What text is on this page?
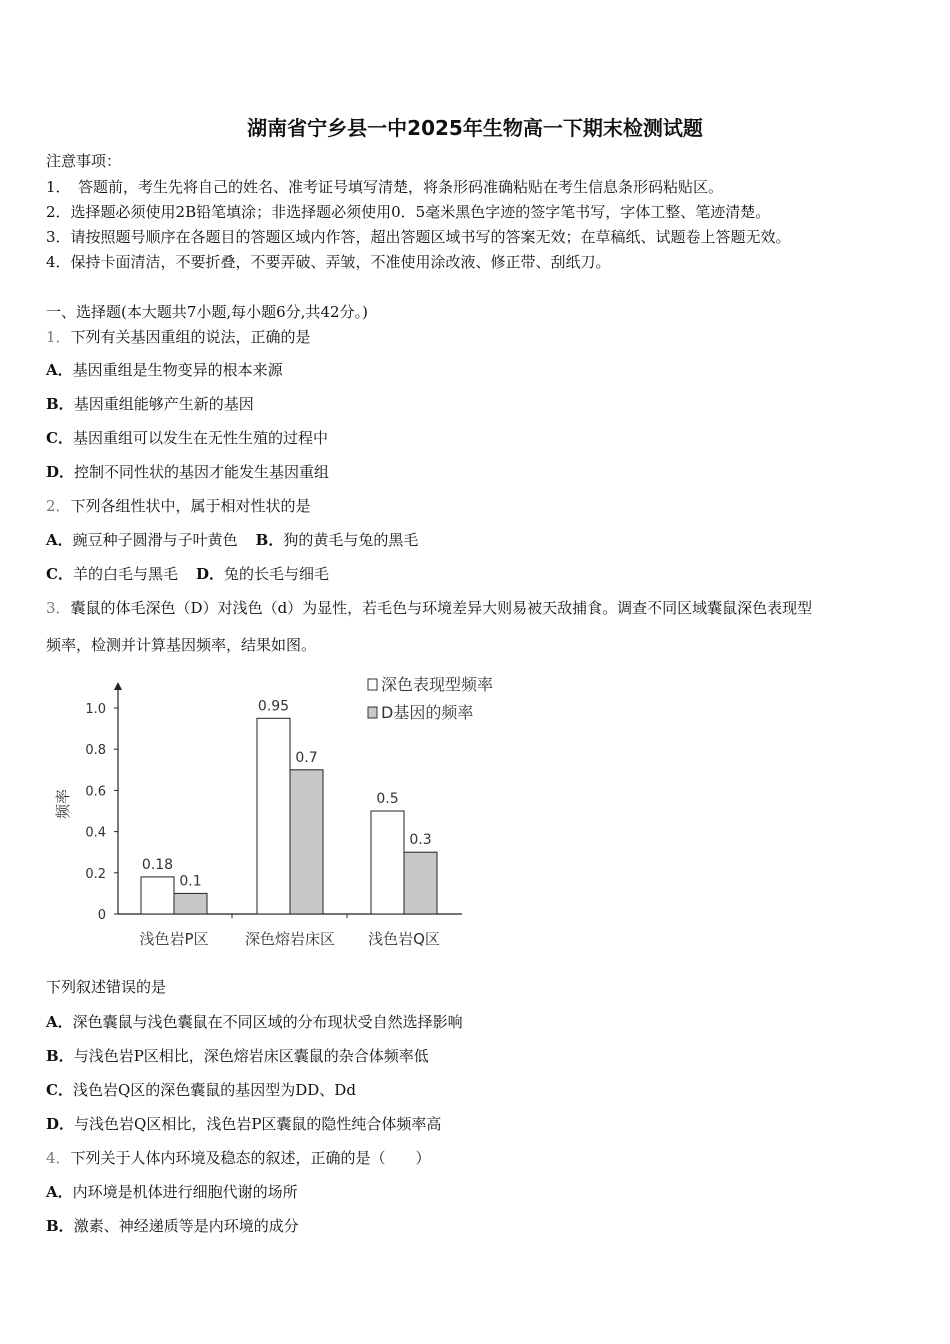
湖南省宁乡县一中2025年生物高一下期末检测试题
注意事项：
1．　答题前，考生先将自己的姓名、准考证号填写清楚，将条形码准确粘贴在考生信息条形码粘贴区。
2．选择题必须使用2B铅笔填涂；非选择题必须使用0．5毫米黑色字迹的签字笔书写，字体工整、笔迹清楚。
3．请按照题号顺序在各题目的答题区域内作答，超出答题区域书写的答案无效；在草稿纸、试题卷上答题无效。
4．保持卡面清洁，不要折叠，不要弄破、弄皱，不准使用涂改液、修正带、刮纸刀。
一、选择题(本大题共7小题,每小题6分,共42分。)
1．下列有关基因重组的说法，正确的是
A．基因重组是生物变异的根本来源
B．基因重组能够产生新的基因
C．基因重组可以发生在无性生殖的过程中
D．控制不同性状的基因才能发生基因重组
2．下列各组性状中，属于相对性状的是
A．豌豆种子圆滑与子叶黄色 B．狗的黄毛与兔的黑毛
C．羊的白毛与黑毛 D．兔的长毛与细毛
3．囊鼠的体毛深色（D）对浅色（d）为显性，若毛色与环境差异大则易被天敌捕食。调查不同区域囊鼠深色表现型
频率，检测并计算基因频率，结果如图。
0
0.2
0.4
0.6
0.8
1.0
0.18
0.1
0.95
0.7
0.5
0.3
浅色岩P区 深色熔岩床区 浅色岩Q区
频率
深色表现型频率
D基因的频率
下列叙述错误的是
A．深色囊鼠与浅色囊鼠在不同区域的分布现状受自然选择影响
B．与浅色岩P区相比，深色熔岩床区囊鼠的杂合体频率低
C．浅色岩Q区的深色囊鼠的基因型为DD、Dd
D．与浅色岩Q区相比，浅色岩P区囊鼠的隐性纯合体频率高
4．下列关于人体内环境及稳态的叙述，正确的是（　　）
A．内环境是机体进行细胞代谢的场所
B．激素、神经递质等是内环境的成分
